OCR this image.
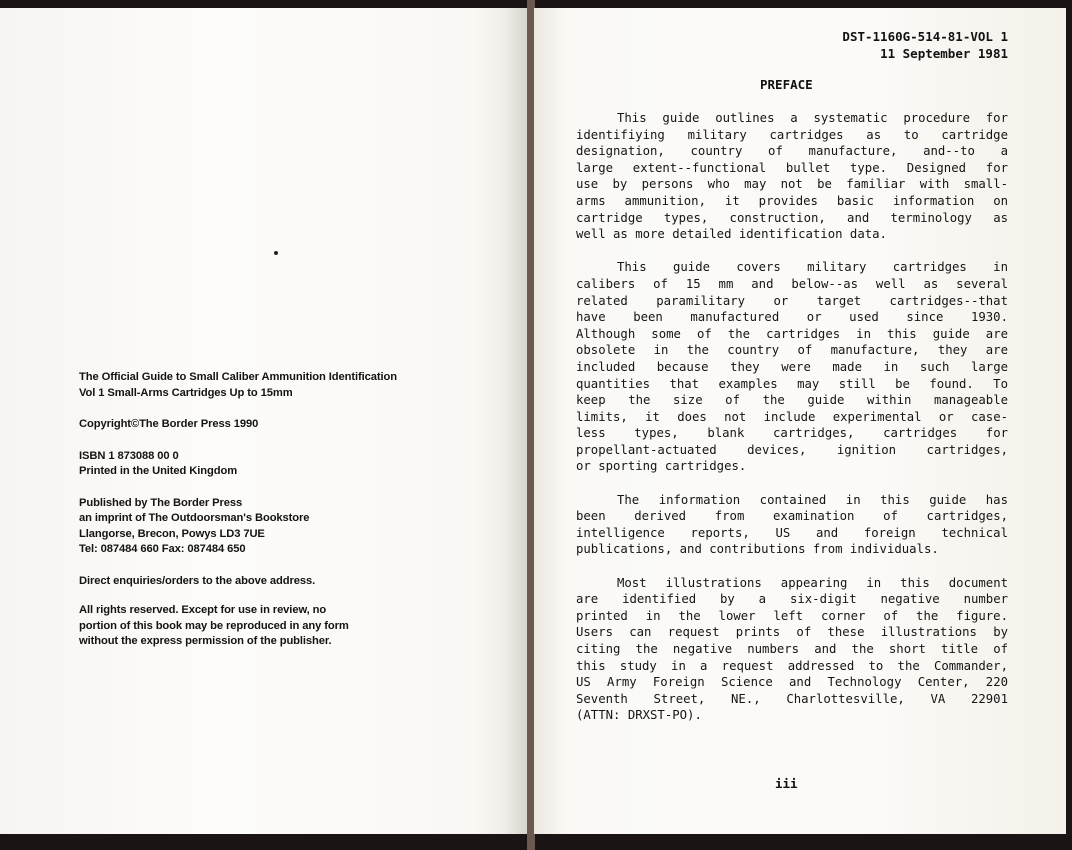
The Official Guide to Small Caliber Ammunition Identification
Vol 1 Small-Arms Cartridges Up to 15mm
Copyright©The Border Press 1990
ISBN 1 873088 00 0
Printed in the United Kingdom
Published by The Border Press
an imprint of The Outdoorsman's Bookstore
Llangorse, Brecon, Powys LD3 7UE
Tel: 087484 660 Fax: 087484 650
Direct enquiries/orders to the above address.
All rights reserved. Except for use in review, no
portion of this book may be reproduced in any form
without the express permission of the publisher.
DST-1160G-514-81-VOL 1
11 September 1981
PREFACE
This guide outlines a systematic procedure for
identifiying military cartridges as to cartridge
designation, country of manufacture, and--to a
large extent--functional bullet type. Designed for
use by persons who may not be familiar with small-
arms ammunition, it provides basic information on
cartridge types, construction, and terminology as
well as more detailed identification data.
This guide covers military cartridges in
calibers of 15 mm and below--as well as several
related paramilitary or target cartridges--that
have been manufactured or used since 1930.
Although some of the cartridges in this guide are
obsolete in the country of manufacture, they are
included because they were made in such large
quantities that examples may still be found. To
keep the size of the guide within manageable
limits, it does not include experimental or case-
less types, blank cartridges, cartridges for
propellant-actuated devices, ignition cartridges,
or sporting cartridges.
The information contained in this guide has
been derived from examination of cartridges,
intelligence reports, US and foreign technical
publications, and contributions from individuals.
Most illustrations appearing in this document
are identified by a six-digit negative number
printed in the lower left corner of the figure.
Users can request prints of these illustrations by
citing the negative numbers and the short title of
this study in a request addressed to the Commander,
US Army Foreign Science and Technology Center, 220
Seventh Street, NE., Charlottesville, VA 22901
(ATTN: DRXST-PO).
iii
